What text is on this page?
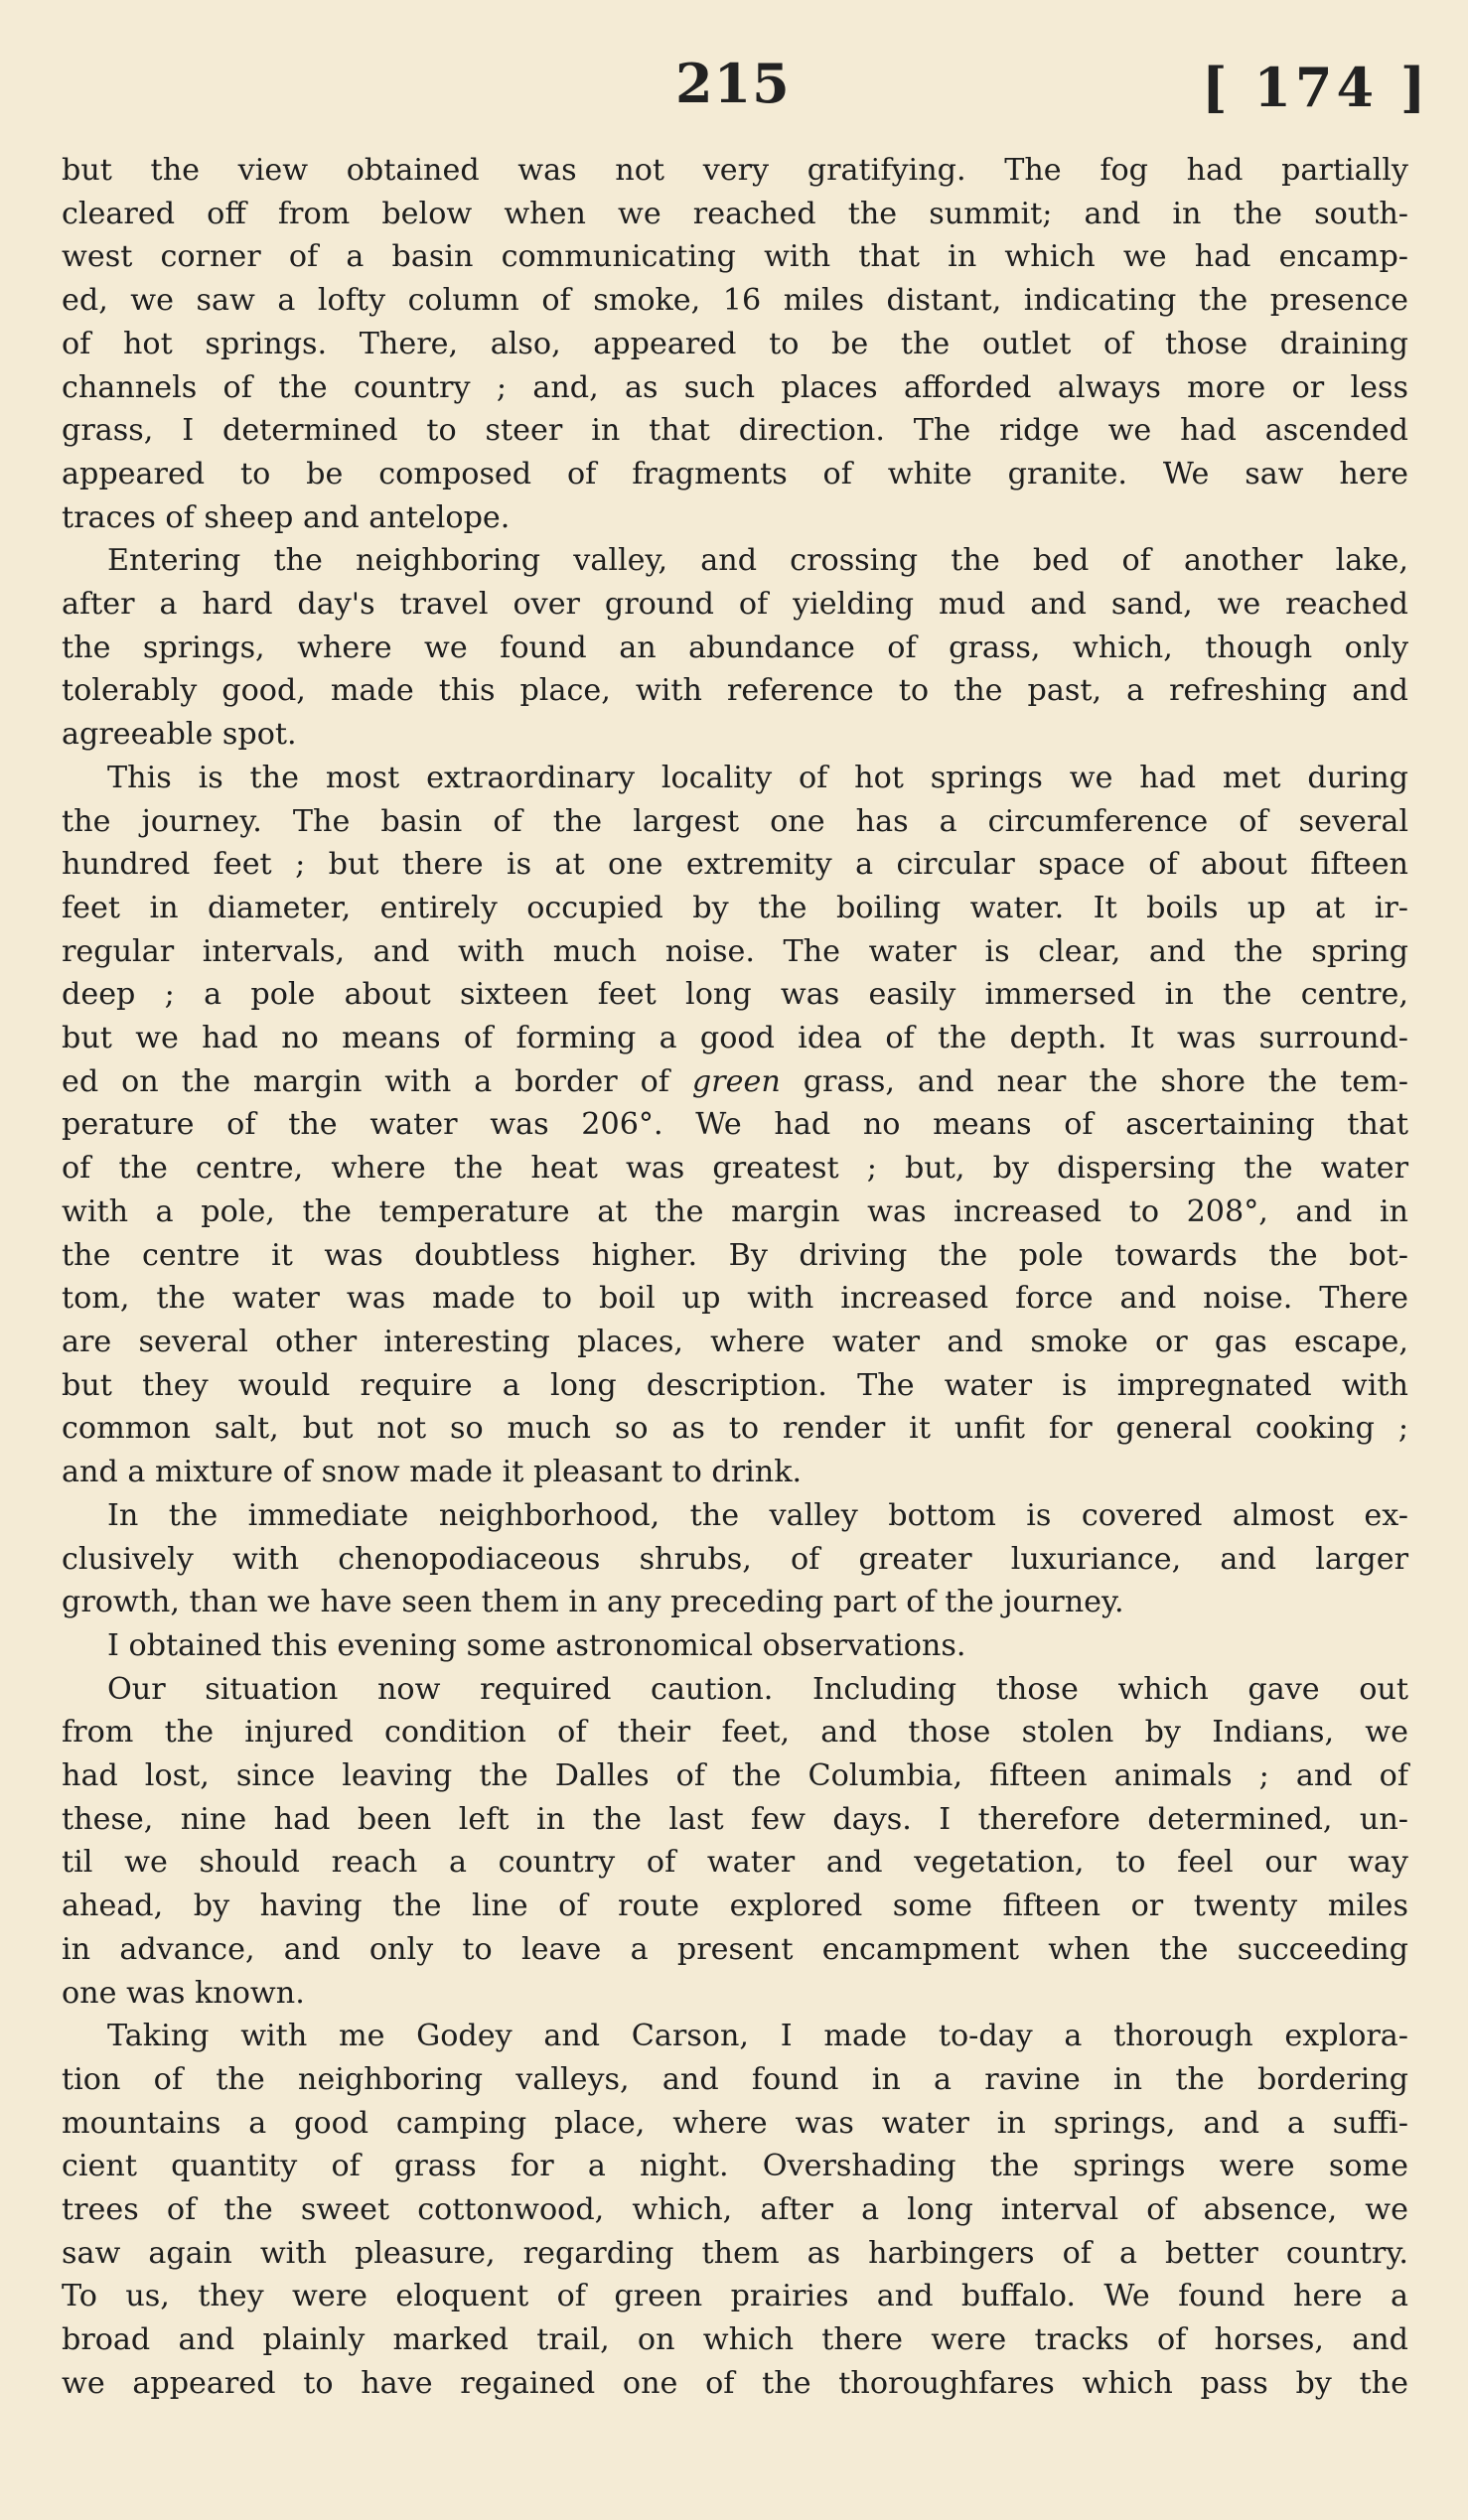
215	[ 174 ]
but the view obtained was not very gratifying. The fog had partially
cleared off from below when we reached the summit; and in the south-
west corner of a basin communicating with that in which we had encamp-
ed, we saw a lofty column of smoke, 16 miles distant, indicating the presence
of hot springs. There, also, appeared to be the outlet of those draining
channels of the country ; and, as such places afforded always more or less
grass, I determined to steer in that direction. The ridge we had ascended
appeared to be composed of fragments of white granite. We saw here
traces of sheep and antelope.
Entering the neighboring valley, and crossing the bed of another lake,
after a hard day's travel over ground of yielding mud and sand, we reached
the springs, where we found an abundance of grass, which, though only
tolerably good, made this place, with reference to the past, a refreshing and
agreeable spot.
This is the most extraordinary locality of hot springs we had met during
the journey. The basin of the largest one has a circumference of several
hundred feet ; but there is at one extremity a circular space of about fifteen
feet in diameter, entirely occupied by the boiling water. It boils up at ir-
regular intervals, and with much noise. The water is clear, and the spring
deep ; a pole about sixteen feet long was easily immersed in the centre,
but we had no means of forming a good idea of the depth. It was surround-
ed on the margin with a border of green grass, and near the shore the tem-
perature of the water was 206°. We had no means of ascertaining that
of the centre, where the heat was greatest ; but, by dispersing the water
with a pole, the temperature at the margin was increased to 208°, and in
the centre it was doubtless higher. By driving the pole towards the bot-
tom, the water was made to boil up with increased force and noise. There
are several other interesting places, where water and smoke or gas escape,
but they would require a long description. The water is impregnated with
common salt, but not so much so as to render it unfit for general cooking ;
and a mixture of snow made it pleasant to drink.
In the immediate neighborhood, the valley bottom is covered almost ex-
clusively with chenopodiaceous shrubs, of greater luxuriance, and larger
growth, than we have seen them in any preceding part of the journey.
I obtained this evening some astronomical observations.
Our situation now required caution. Including those which gave out
from the injured condition of their feet, and those stolen by Indians, we
had lost, since leaving the Dalles of the Columbia, fifteen animals ; and of
these, nine had been left in the last few days. I therefore determined, un-
til we should reach a country of water and vegetation, to feel our way
ahead, by having the line of route explored some fifteen or twenty miles
in advance, and only to leave a present encampment when the succeeding
one was known.
Taking with me Godey and Carson, I made to-day a thorough explora-
tion of the neighboring valleys, and found in a ravine in the bordering
mountains a good camping place, where was water in springs, and a suffi-
cient quantity of grass for a night. Overshading the springs were some
trees of the sweet cottonwood, which, after a long interval of absence, we
saw again with pleasure, regarding them as harbingers of a better country.
To us, they were eloquent of green prairies and buffalo. We found here a
broad and plainly marked trail, on which there were tracks of horses, and
we appeared to have regained one of the thoroughfares which pass by the
